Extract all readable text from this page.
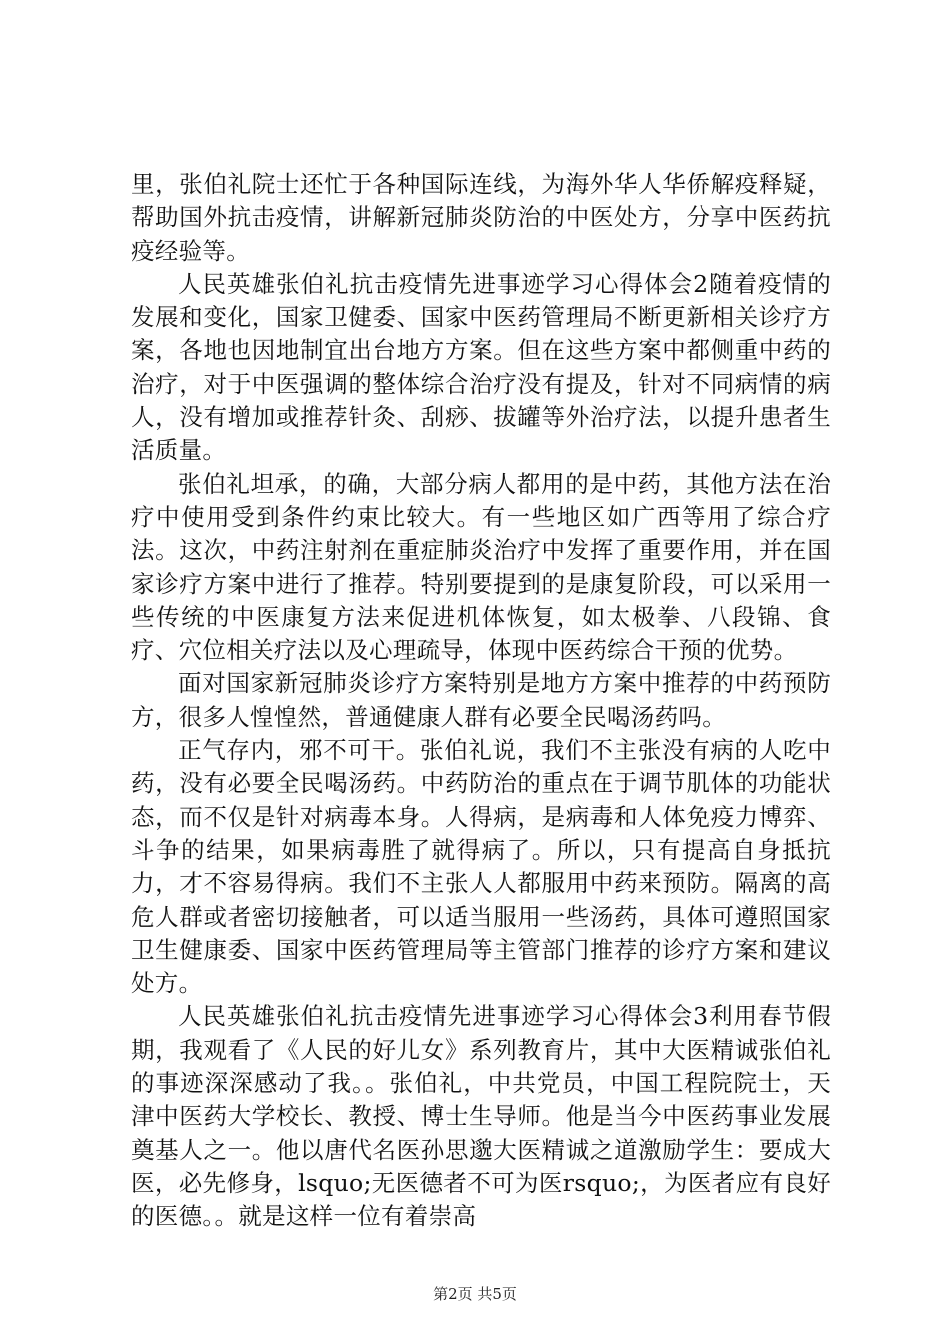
里，张伯礼院士还忙于各种国际连线，为海外华人华侨解疫释疑，帮助国外抗击疫情，讲解新冠肺炎防治的中医处方，分享中医药抗疫经验等。

人民英雄张伯礼抗击疫情先进事迹学习心得体会2随着疫情的发展和变化，国家卫健委、国家中医药管理局不断更新相关诊疗方案，各地也因地制宜出台地方方案。但在这些方案中都侧重中药的治疗，对于中医强调的整体综合治疗没有提及，针对不同病情的病人，没有增加或推荐针灸、刮痧、拔罐等外治疗法，以提升患者生活质量。

张伯礼坦承，的确，大部分病人都用的是中药，其他方法在治疗中使用受到条件约束比较大。有一些地区如广西等用了综合疗法。这次，中药注射剂在重症肺炎治疗中发挥了重要作用，并在国家诊疗方案中进行了推荐。特别要提到的是康复阶段，可以采用一些传统的中医康复方法来促进机体恢复，如太极拳、八段锦、食疗、穴位相关疗法以及心理疏导，体现中医药综合干预的优势。

面对国家新冠肺炎诊疗方案特别是地方方案中推荐的中药预防方，很多人惶惶然，普通健康人群有必要全民喝汤药吗。

正气存内，邪不可干。张伯礼说，我们不主张没有病的人吃中药，没有必要全民喝汤药。中药防治的重点在于调节肌体的功能状态，而不仅是针对病毒本身。人得病，是病毒和人体免疫力博弈、斗争的结果，如果病毒胜了就得病了。所以，只有提高自身抵抗力，才不容易得病。我们不主张人人都服用中药来预防。隔离的高危人群或者密切接触者，可以适当服用一些汤药，具体可遵照国家卫生健康委、国家中医药管理局等主管部门推荐的诊疗方案和建议处方。

人民英雄张伯礼抗击疫情先进事迹学习心得体会3利用春节假期，我观看了《人民的好儿女》系列教育片，其中大医精诚张伯礼的事迹深深感动了我。。张伯礼，中共党员，中国工程院院士，天津中医药大学校长、教授、博士生导师。他是当今中医药事业发展奠基人之一。他以唐代名医孙思邈大医精诚之道激励学生：要成大医，必先修身，lsquo;无医德者不可为医rsquo;，为医者应有良好的医德。。就是这样一位有着崇高

第2页 共5页
